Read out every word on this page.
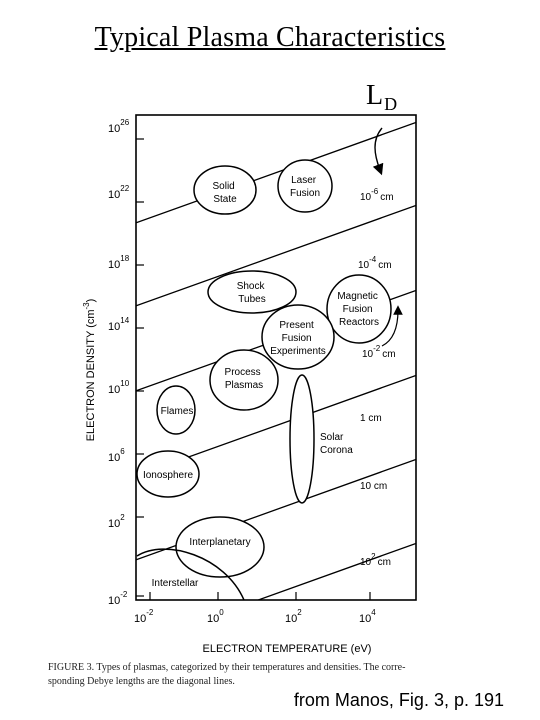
Typical Plasma Characteristics
$L_D$
Solid State
Laser Fusion
Shock Tubes	Magnetic Fusion Reactors
Present Fusion Experiments
Process Plasmas
Flames
Ionosphere
Interplanetary
Interstellar
Solar Corona
$10^{-6}cm$
$10^{-4}cm$
$10^{-2}cm$
1 cm
10 cm
$10^2cm$
$10^{26}$
$10^{22}$
$10^{18}$
$10^{14}$
$10^{10}$
$10^6$
$10^2$
$10^{-2}$
$10^{-2}$
$10^0$
$10^2$
$10^4$
ELECTRON TEMPERATURE (eV)
ELECTRON DENSITY $(cm^{-3})$
FIGURE 3. Types of plasmas, categorized by their temperatures and densities. The corre-
sponding Debye lengths are the diagonal lines.
from Manos, Fig. 3, p. 191
